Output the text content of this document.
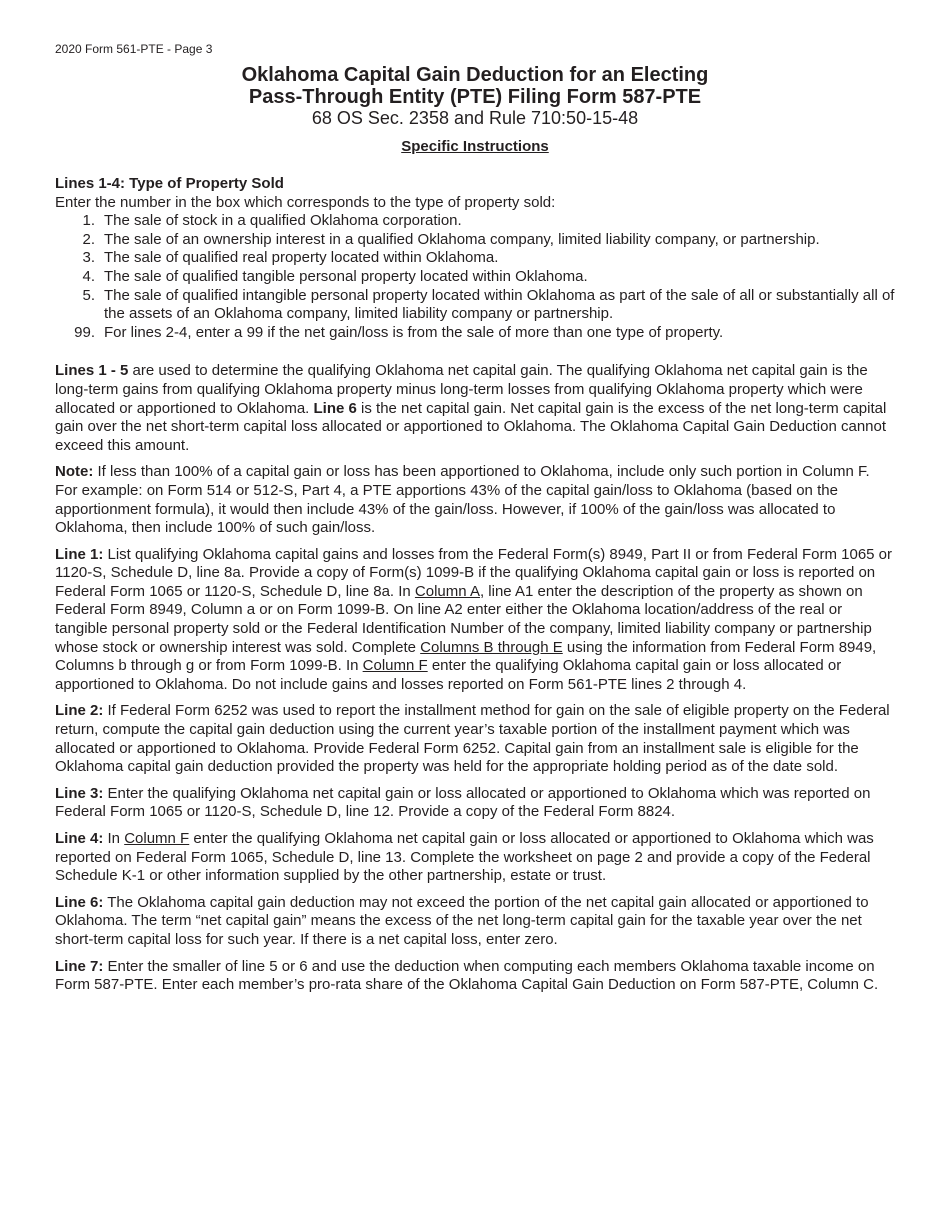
2020 Form 561-PTE - Page 3
Oklahoma Capital Gain Deduction for an Electing
Pass-Through Entity (PTE) Filing Form 587-PTE
68 OS Sec. 2358 and Rule 710:50-15-48
Specific Instructions

Lines 1-4: Type of Property Sold

Enter the number in the box which corresponds to the type of property sold:

1. The sale of stock in a qualified Oklahoma corporation.
2. The sale of an ownership interest in a qualified Oklahoma company, limited liability company, or partnership.
3. The sale of qualified real property located within Oklahoma.
4. The sale of qualified tangible personal property located within Oklahoma.
5. The sale of qualified intangible personal property located within Oklahoma as part of the sale of all or substantially all of the assets of an Oklahoma company, limited liability company or partnership.
99. For lines 2-4, enter a 99 if the net gain/loss is from the sale of more than one type of property.

Lines 1 - 5 are used to determine the qualifying Oklahoma net capital gain. The qualifying Oklahoma net capital gain is the long-term gains from qualifying Oklahoma property minus long-term losses from qualifying Oklahoma property which were allocated or apportioned to Oklahoma. Line 6 is the net capital gain. Net capital gain is the excess of the net long-term capital gain over the net short-term capital loss allocated or apportioned to Oklahoma. The Oklahoma Capital Gain Deduction cannot exceed this amount.

Note: If less than 100% of a capital gain or loss has been apportioned to Oklahoma, include only such portion in Column F. For example: on Form 514 or 512-S, Part 4, a PTE apportions 43% of the capital gain/loss to Oklahoma (based on the apportionment formula), it would then include 43% of the gain/loss. However, if 100% of the gain/loss was allocated to Oklahoma, then include 100% of such gain/loss.

Line 1: List qualifying Oklahoma capital gains and losses from the Federal Form(s) 8949, Part II or from Federal Form 1065 or 1120-S, Schedule D, line 8a. Provide a copy of Form(s) 1099-B if the qualifying Oklahoma capital gain or loss is reported on Federal Form 1065 or 1120-S, Schedule D, line 8a. In Column A, line A1 enter the description of the property as shown on Federal Form 8949, Column a or on Form 1099-B. On line A2 enter either the Oklahoma location/address of the real or tangible personal property sold or the Federal Identification Number of the company, limited liability company or partnership whose stock or ownership interest was sold. Complete Columns B through E using the information from Federal Form 8949, Columns b through g or from Form 1099-B. In Column F enter the qualifying Oklahoma capital gain or loss allocated or apportioned to Oklahoma. Do not include gains and losses reported on Form 561-PTE lines 2 through 4.

Line 2: If Federal Form 6252 was used to report the installment method for gain on the sale of eligible property on the Federal return, compute the capital gain deduction using the current year’s taxable portion of the installment payment which was allocated or apportioned to Oklahoma. Provide Federal Form 6252. Capital gain from an installment sale is eligible for the Oklahoma capital gain deduction provided the property was held for the appropriate holding period as of the date sold.

Line 3: Enter the qualifying Oklahoma net capital gain or loss allocated or apportioned to Oklahoma which was reported on Federal Form 1065 or 1120-S, Schedule D, line 12. Provide a copy of the Federal Form 8824.

Line 4: In Column F enter the qualifying Oklahoma net capital gain or loss allocated or apportioned to Oklahoma which was reported on Federal Form 1065, Schedule D, line 13. Complete the worksheet on page 2 and provide a copy of the Federal Schedule K-1 or other information supplied by the other partnership, estate or trust.

Line 6: The Oklahoma capital gain deduction may not exceed the portion of the net capital gain allocated or apportioned to Oklahoma. The term “net capital gain” means the excess of the net long-term capital gain for the taxable year over the net short-term capital loss for such year. If there is a net capital loss, enter zero.

Line 7: Enter the smaller of line 5 or 6 and use the deduction when computing each members Oklahoma taxable income on Form 587-PTE. Enter each member’s pro-rata share of the Oklahoma Capital Gain Deduction on Form 587-PTE, Column C.
